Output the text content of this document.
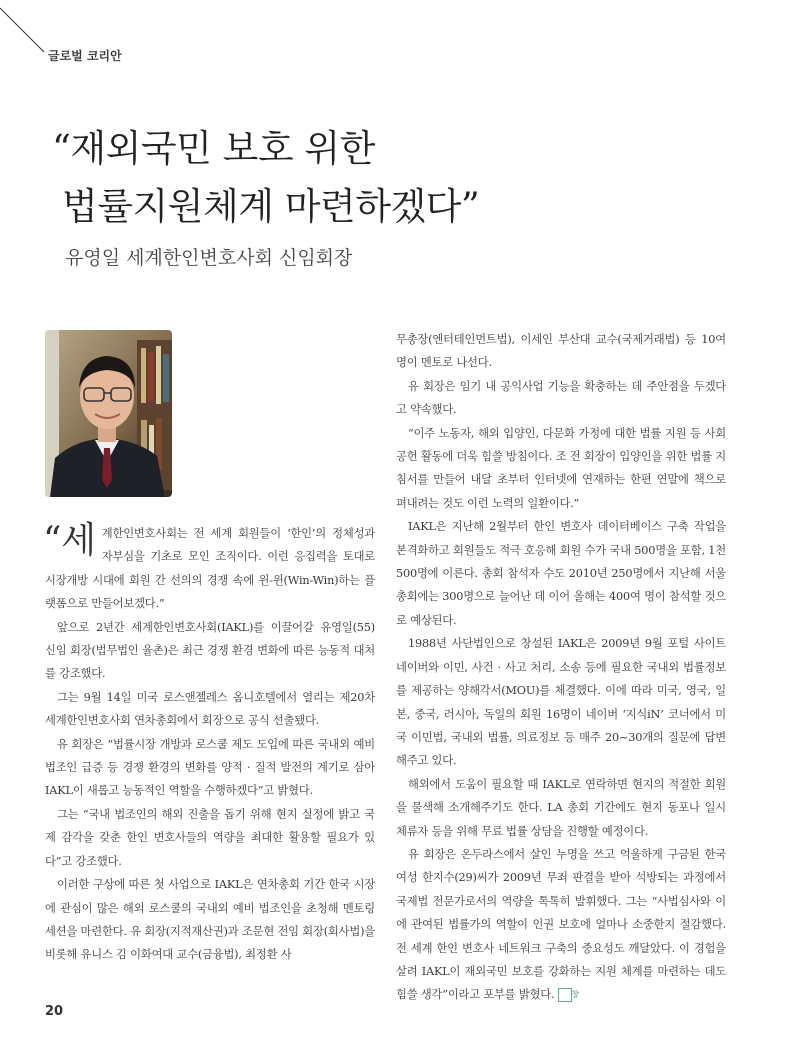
글로벌 코리안
“재외국민 보호 위한
법률지원체계 마련하겠다”
유영일 세계한인변호사회 신임회장

“세 계한인변호사회는 전 세계 회원들이 ‘한인’의 정체성과 자부심을 기초로 모인 조직이다. 이런 응집력을 토대로 시장개방 시대에 회원 간 선의의 경쟁 속에 윈-윈(Win-Win)하는 플랫폼으로 만들어보겠다.”

앞으로 2년간 세계한인변호사회(IAKL)를 이끌어갈 유영일(55) 신임 회장(법무법인 율촌)은 최근 경쟁 환경 변화에 따른 능동적 대처를 강조했다.

그는 9월 14일 미국 로스앤젤레스 옴니호텔에서 열리는 제20차 세계한인변호사회 연차총회에서 회장으로 공식 선출됐다.

유 회장은 “법률시장 개방과 로스쿨 제도 도입에 따른 국내외 예비 법조인 급증 등 경쟁 환경의 변화를 양적 · 질적 발전의 계기로 삼아 IAKL이 새롭고 능동적인 역할을 수행하겠다”고 밝혔다.

그는 “국내 법조인의 해외 진출을 돕기 위해 현지 실정에 밝고 국제 감각을 갖춘 한인 변호사들의 역량을 최대한 활용할 필요가 있다”고 강조했다.

이러한 구상에 따른 첫 사업으로 IAKL은 연차총회 기간 한국 시장에 관심이 많은 해외 로스쿨의 국내외 예비 법조인을 초청해 멘토링 세션을 마련한다. 유 회장(지적재산권)과 조문현 전임 회장(회사법)을 비롯해 유니스 김 이화여대 교수(금융법), 최정환 사

무총장(엔터테인먼트법), 이세인 부산대 교수(국제거래법) 등 10여 명이 멘토로 나선다.

유 회장은 임기 내 공익사업 기능을 확충하는 데 주안점을 두겠다고 약속했다.

“이주 노동자, 해외 입양인, 다문화 가정에 대한 법률 지원 등 사회공헌 활동에 더욱 힘쓸 방침이다. 조 전 회장이 입양인을 위한 법률 지침서를 만들어 내달 초부터 인터넷에 연재하는 한편 연말에 책으로 펴내려는 것도 이런 노력의 일환이다.”

IAKL은 지난해 2월부터 한인 변호사 데이터베이스 구축 작업을 본격화하고 회원들도 적극 호응해 회원 수가 국내 500명을 포함, 1천500명에 이른다. 총회 참석자 수도 2010년 250명에서 지난해 서울총회에는 300명으로 늘어난 데 이어 올해는 400여 명이 참석할 것으로 예상된다.

1988년 사단법인으로 창설된 IAKL은 2009년 9월 포털 사이트 네이버와 이민, 사건 · 사고 처리, 소송 등에 필요한 국내외 법률정보를 제공하는 양해각서(MOU)를 체결했다. 이에 따라 미국, 영국, 일본, 중국, 러시아, 독일의 회원 16명이 네이버 ‘지식iN’ 코너에서 미국 이민법, 국내외 법률, 의료정보 등 매주 20~30개의 질문에 답변해주고 있다.

해외에서 도움이 필요할 때 IAKL로 연락하면 현지의 적절한 회원을 물색해 소개해주기도 한다. LA 총회 기간에도 현지 동포나 일시 체류자 등을 위해 무료 법률 상담을 진행할 예정이다.

유 회장은 온두라스에서 살인 누명을 쓰고 억울하게 구금된 한국 여성 한지수(29)씨가 2009년 무죄 판결을 받아 석방되는 과정에서 국제법 전문가로서의 역량을 톡톡히 발휘했다. 그는 “사법심사와 이에 관여된 법률가의 역할이 인권 보호에 얼마나 소중한지 절감했다. 전 세계 한인 변호사 네트워크 구축의 중요성도 깨달았다. 이 경험을 살려 IAKL이 재외국민 보호를 강화하는 지원 체계를 마련하는 데도 힘쓸 생각”이라고 포부를 밝혔다. 창

20
